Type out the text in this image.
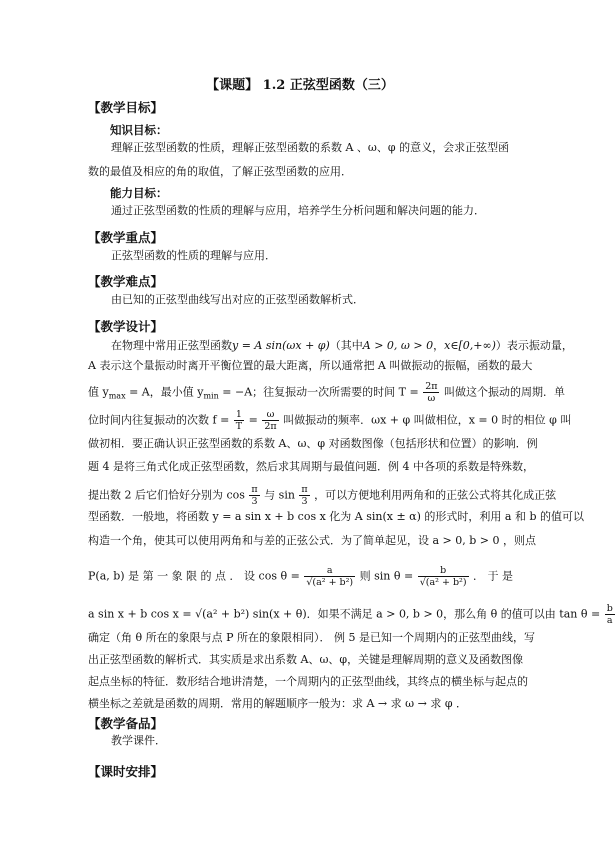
【课题】 1.2 正弦型函数（三）
【教学目标】
知识目标：
理解正弦型函数的性质，理解正弦型函数的系数 A 、ω、φ 的意义，会求正弦型函数的最值及相应的角的取值，了解正弦型函数的应用．
能力目标：
通过正弦型函数的性质的理解与应用，培养学生分析问题和解决问题的能力．
【教学重点】
正弦型函数的性质的理解与应用．
【教学难点】
由已知的正弦型曲线写出对应的正弦型函数解析式．
【教学设计】
在物理中常用正弦型函数y = A sin(ωx + φ)（其中A > 0, ω > 0，x∈[0,+∞)）表示振动量，
A 表示这个量振动时离开平衡位置的最大距离，所以通常把 A 叫做振动的振幅，函数的最大
值 $y_{max} = A$，最小值 $y_{min} = -A$；往复振动一次所需要的时间 $T = \frac{2\pi}{\omega}$ 叫做这个振动的周期．单
位时间内往复振动的次数 $f = \frac{1}{T} = \frac{\omega}{2\pi}$ 叫做振动的频率．ωx + φ 叫做相位，x = 0 时的相位 φ 叫
做初相．要正确认识正弦型函数的系数 A、ω、φ 对函数图像（包括形状和位置）的影响．例
题 4 是将三角式化成正弦型函数，然后求其周期与最值问题．例 4 中各项的系数是特殊数，
提出数 2 后它们恰好分别为 $\cos \frac{\pi}{3}$ 与 $\sin \frac{\pi}{3}$ ，可以方便地利用两角和的正弦公式将其化成正弦
型函数．一般地，将函数 y = a sin x + b cos x 化为 A sin(x ± α) 的形式时，利用 a 和 b 的值可以
构造一个角，使其可以使用两角和与差的正弦公式．为了简单起见，设 a > 0, b > 0 ，则点
P(a, b) 是 第 一 象 限 的 点 ． 设 $\cos \theta = \frac{a}{\text{√(a² + b²)}}$ 则 $\sin \theta = \frac{b}{\text{√(a² + b²)}}$ ． 于 是
a sin x + b cos x = √(a² + b²) sin(x + θ)．如果不满足 a > 0, b > 0，那么角 θ 的值可以由 $\tan \theta = \frac{b}{a}$
确定（角 θ 所在的象限与点 P 所在的象限相同）． 例 5 是已知一个周期内的正弦型曲线，写
出正弦型函数的解析式．其实质是求出系数 A、ω、φ，关键是理解周期的意义及函数图像
起点坐标的特征．数形结合地讲清楚，一个周期内的正弦型曲线，其终点的横坐标与起点的
横坐标之差就是函数的周期．常用的解题顺序一般为：求 A → 求 ω → 求 φ ．
【教学备品】
教学课件．
【课时安排】
